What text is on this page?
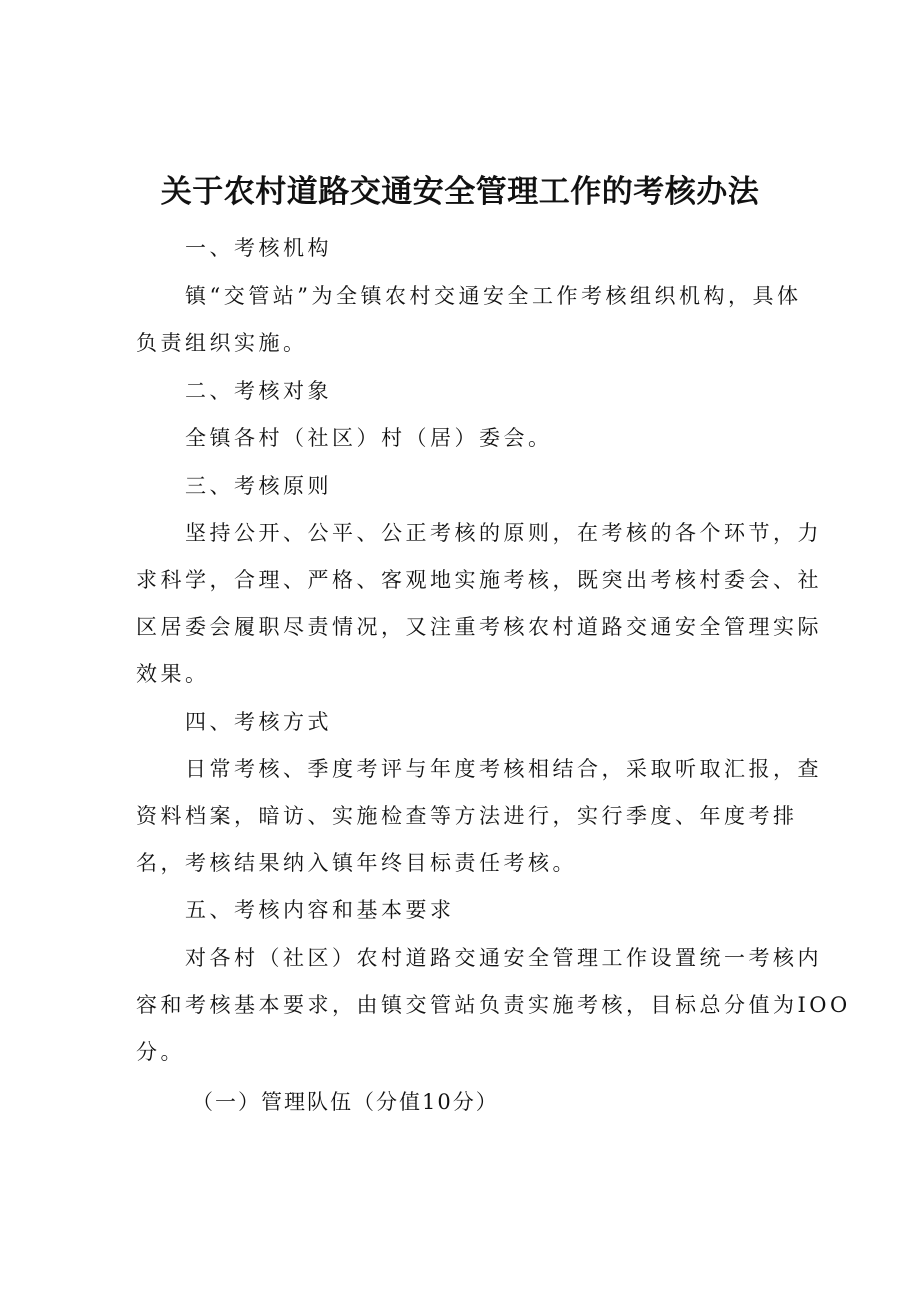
关于农村道路交通安全管理工作的考核办法
一、考核机构
镇“交管站”为全镇农村交通安全工作考核组织机构，具体
负责组织实施。
二、考核对象
全镇各村（社区）村（居）委会。
三、考核原则
坚持公开、公平、公正考核的原则，在考核的各个环节，力
求科学，合理、严格、客观地实施考核，既突出考核村委会、社
区居委会履职尽责情况，又注重考核农村道路交通安全管理实际
效果。
四、考核方式
日常考核、季度考评与年度考核相结合，采取听取汇报，查
资料档案，暗访、实施检查等方法进行，实行季度、年度考排
名，考核结果纳入镇年终目标责任考核。
五、考核内容和基本要求
对各村（社区）农村道路交通安全管理工作设置统一考核内
容和考核基本要求，由镇交管站负责实施考核，目标总分值为IOO
分。
（一）管理队伍（分值10分）
